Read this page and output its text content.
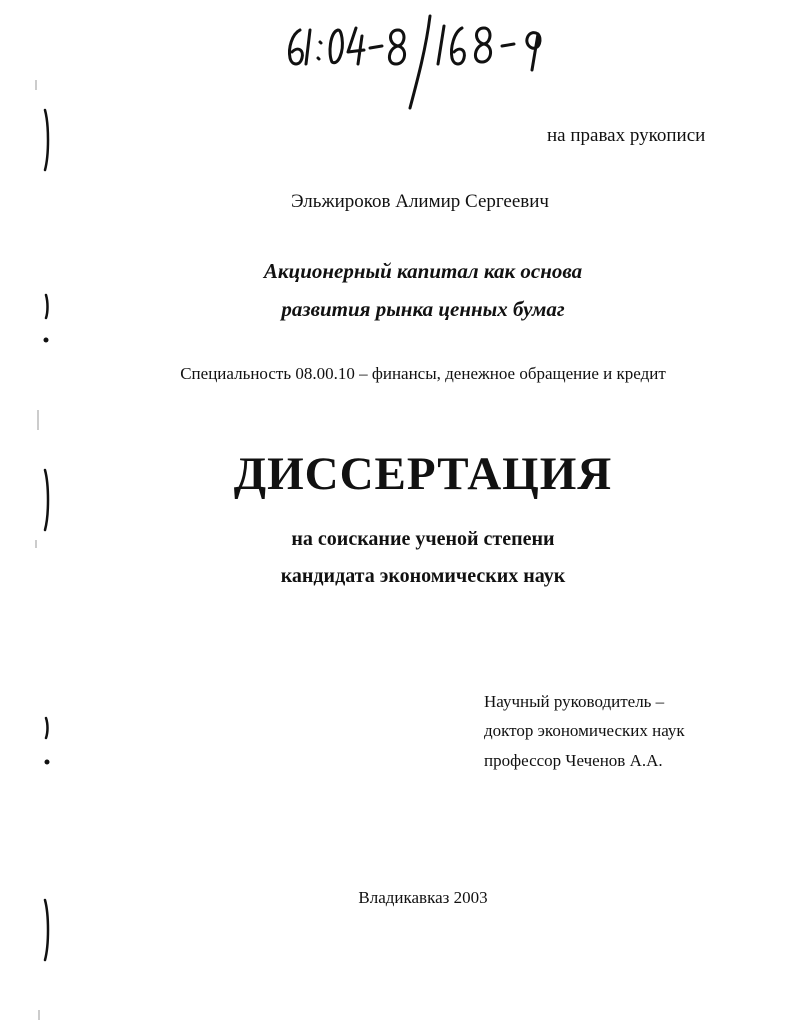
на правах рукописи
Эльжироков Алимир Сергеевич
Акционерный капитал как основа
развития рынка ценных бумаг
Специальность 08.00.10 – финансы, денежное обращение и кредит
ДИССЕРТАЦИЯ
на соискание ученой степени
кандидата экономических наук
Научный руководитель –
доктор экономических наук
профессор Чеченов А.А.
Владикавказ 2003
